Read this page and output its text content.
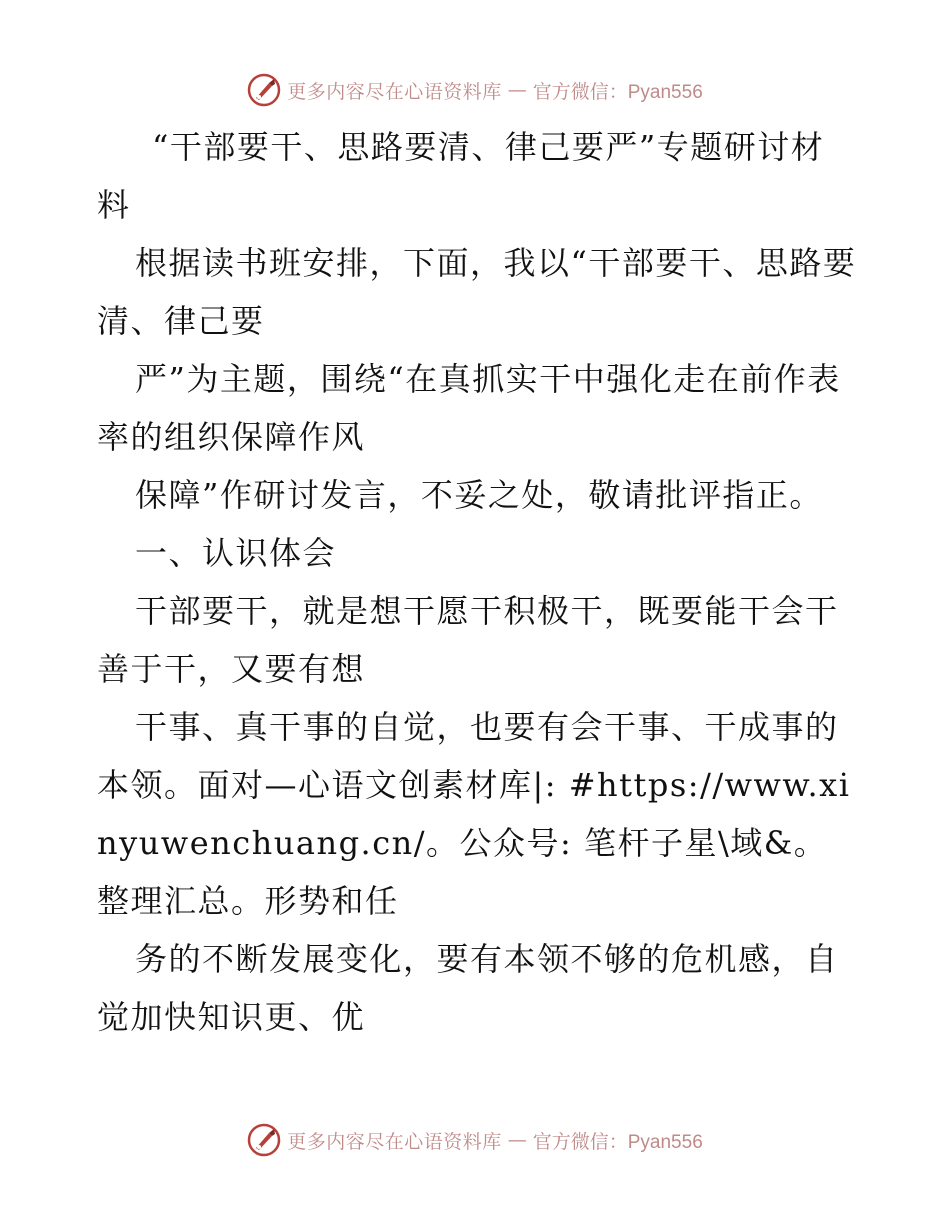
更多内容尽在心语资料库 — 官方微信：Pyan556

“干部要干、思路要清、律己要严”专题研讨材料

根据读书班安排，下面，我以“干部要干、思路要清、律己要

严”为主题，围绕“在真抓实干中强化走在前作表率的组织保障作风

保障”作研讨发言，不妥之处，敬请批评指正。

一、认识体会

干部要干，就是想干愿干积极干，既要能干会干善于干，又要有想

干事、真干事的自觉，也要有会干事、干成事的本领。面对—心语文创素材库|: #https://www.xinyuwenchuang.cn/。公众号: 笔杆子星\域&。整理汇总。形势和任

务的不断发展变化，要有本领不够的危机感，自觉加快知识更、优

更多内容尽在心语资料库 — 官方微信：Pyan556
